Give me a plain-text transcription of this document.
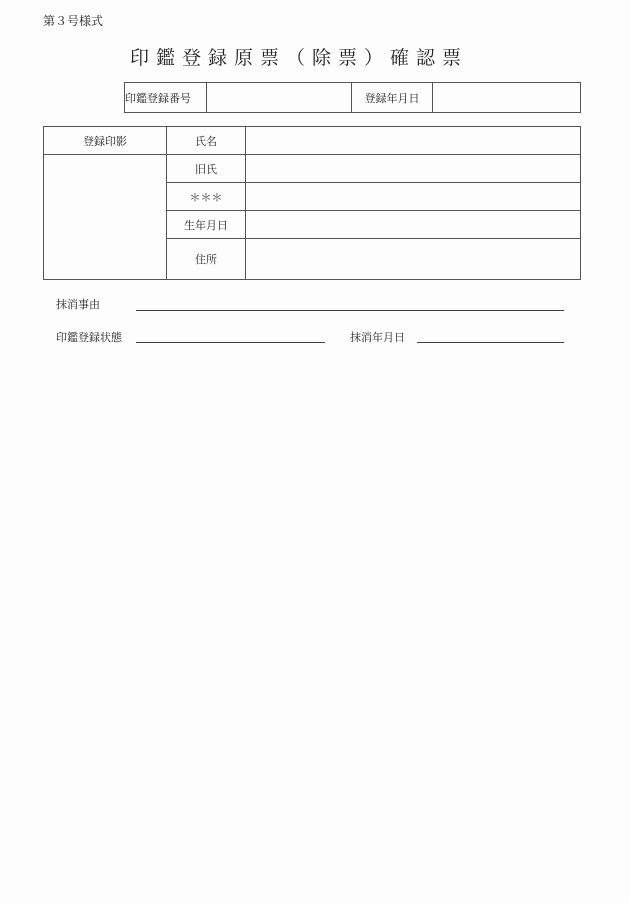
第３号様式
印鑑登録原票（除票）確認票
印鑑登録番号		登録年月日	
登録印影	氏名	
	旧氏	
	＊＊＊	
	生年月日	
	住所	
抹消事由
印鑑登録状態	抹消年月日
